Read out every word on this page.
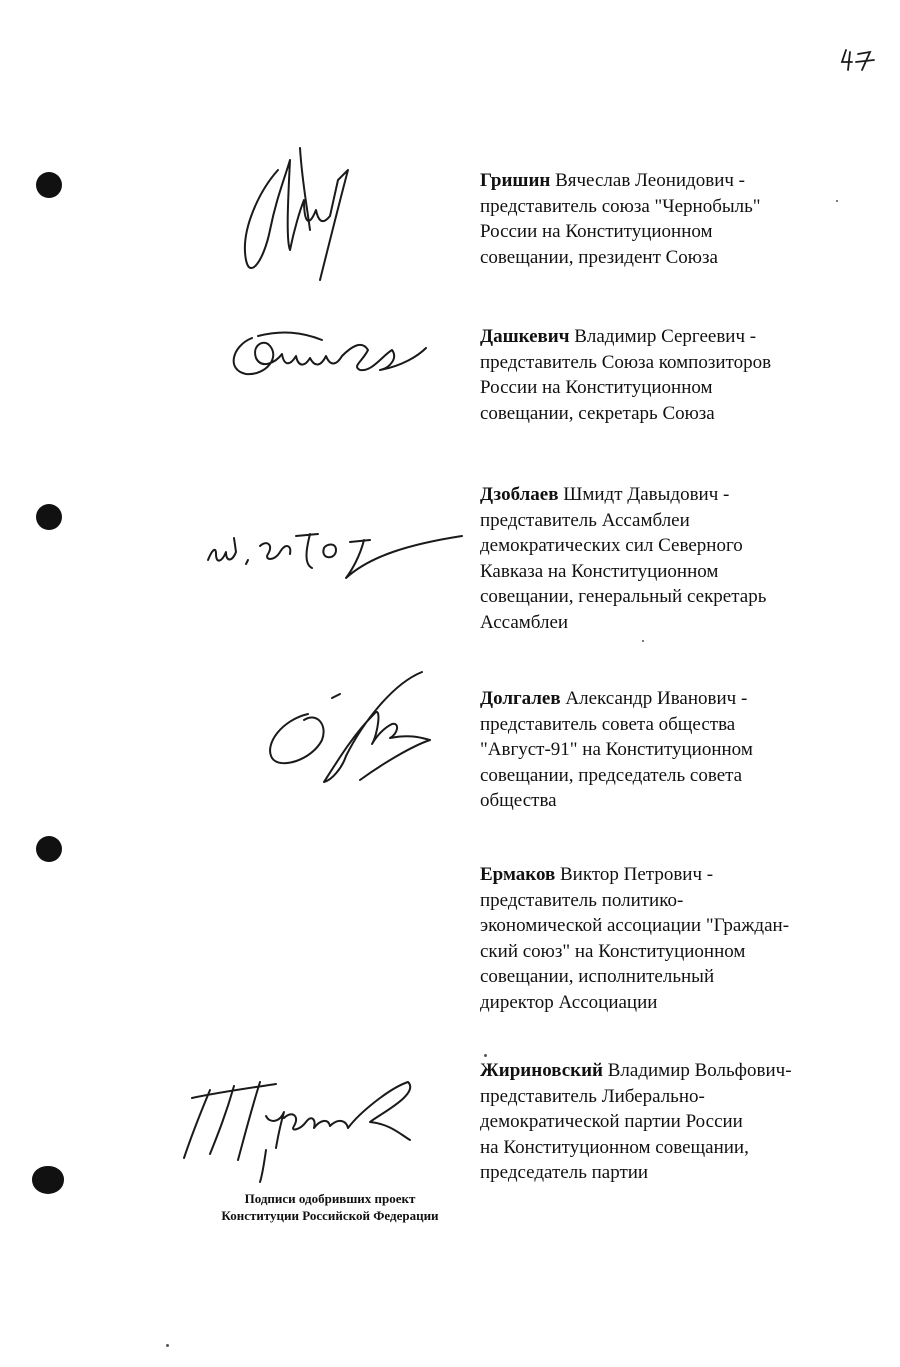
Гришин Вячеслав Леонидович -
представитель союза "Чернобыль"
России на Конституционном
совещании, президент Союза
Дашкевич Владимир Сергеевич -
представитель Союза композиторов
России на Конституционном
совещании, секретарь Союза
Дзоблаев Шмидт Давыдович -
представитель Ассамблеи
демократических сил Северного
Кавказа на Конституционном
совещании, генеральный секретарь
Ассамблеи
Долгалев Александр Иванович -
представитель совета общества
"Август-91" на Конституционном
совещании, председатель совета
общества
Ермаков Виктор Петрович -
представитель политико-
экономической ассоциации "Граждан-
ский союз" на Конституционном
совещании, исполнительный
директор Ассоциации
Жириновский Владимир Вольфович-
представитель Либерально-
демократической партии России
на Конституционном совещании,
председатель партии
Подписи одобривших проект
Конституции Российской Федерации
